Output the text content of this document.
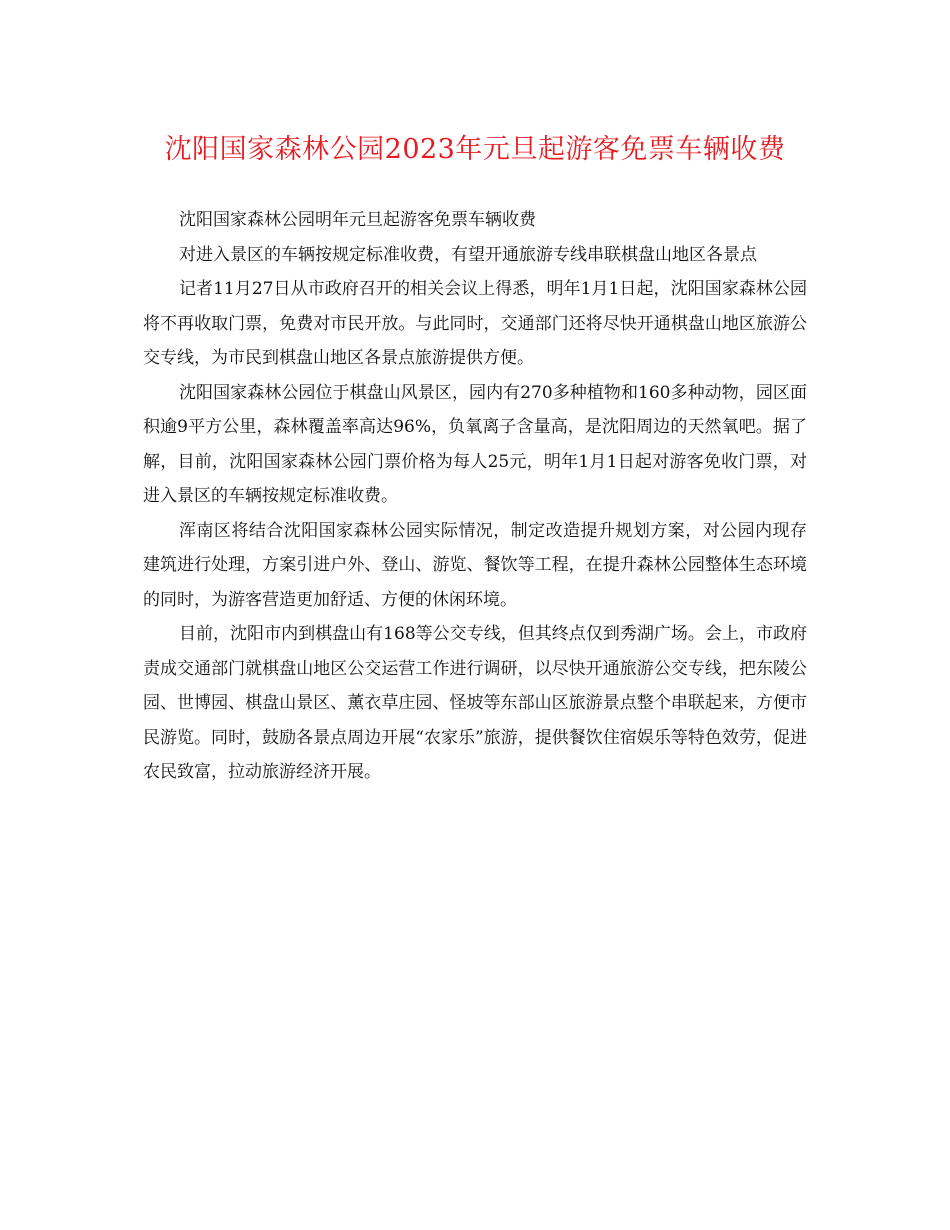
沈阳国家森林公园2023年元旦起游客免票车辆收费

沈阳国家森林公园明年元旦起游客免票车辆收费

对进入景区的车辆按规定标准收费，有望开通旅游专线串联棋盘山地区各景点

记者11月27日从市政府召开的相关会议上得悉，明年1月1日起，沈阳国家森林公园将不再收取门票，免费对市民开放。与此同时，交通部门还将尽快开通棋盘山地区旅游公交专线，为市民到棋盘山地区各景点旅游提供方便。

沈阳国家森林公园位于棋盘山风景区，园内有270多种植物和160多种动物，园区面积逾9平方公里，森林覆盖率高达96%，负氧离子含量高，是沈阳周边的天然氧吧。据了解，目前，沈阳国家森林公园门票价格为每人25元，明年1月1日起对游客免收门票，对进入景区的车辆按规定标准收费。

浑南区将结合沈阳国家森林公园实际情况，制定改造提升规划方案，对公园内现存建筑进行处理，方案引进户外、登山、游览、餐饮等工程，在提升森林公园整体生态环境的同时，为游客营造更加舒适、方便的休闲环境。

目前，沈阳市内到棋盘山有168等公交专线，但其终点仅到秀湖广场。会上，市政府责成交通部门就棋盘山地区公交运营工作进行调研，以尽快开通旅游公交专线，把东陵公园、世博园、棋盘山景区、薰衣草庄园、怪坡等东部山区旅游景点整个串联起来，方便市民游览。同时，鼓励各景点周边开展“农家乐”旅游，提供餐饮住宿娱乐等特色效劳，促进农民致富，拉动旅游经济开展。
